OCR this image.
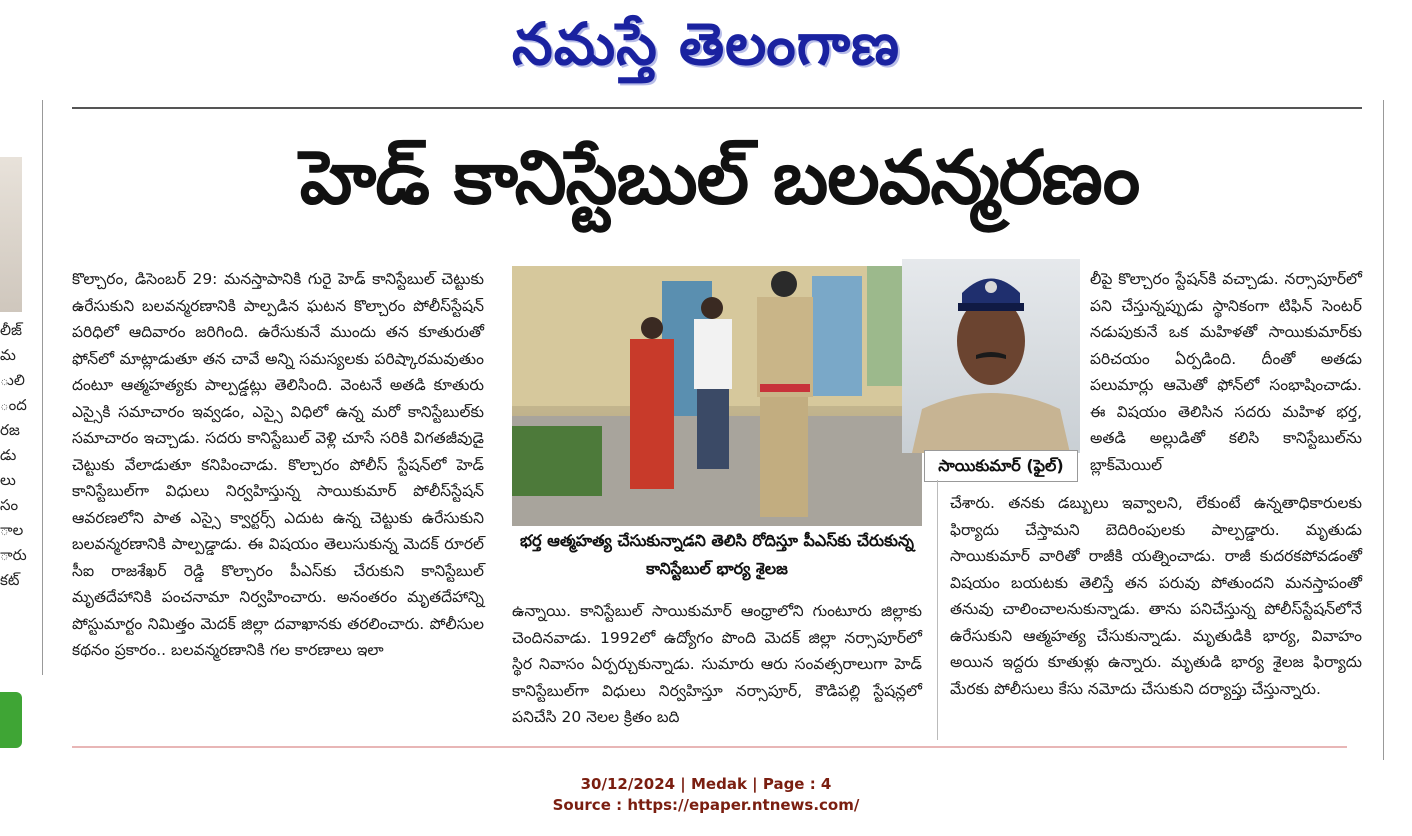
నమస్తే తెలంగాణ
లీజ్
మ
ులి
ంద
రజ
డు
లు
సం
ాల
ారు
కట్
హెడ్ కానిస్టేబుల్ బలవన్మరణం

కొల్చారం, డిసెంబర్ 29: మనస్తాపానికి గురై హెడ్ కానిస్టేబుల్ చెట్టుకు ఉరేసుకుని బలవన్మరణానికి పాల్పడిన ఘటన కొల్చారం పోలీస్‌స్టేషన్ పరిధిలో ఆదివారం జరిగింది. ఉరేసుకునే ముందు తన కూతురుతో ఫోన్‌లో మాట్లాడుతూ తన చావే అన్ని సమస్యలకు పరిష్కారమవుతుం దంటూ ఆత్మహత్యకు పాల్పడ్డట్లు తెలిసింది. వెంటనే అతడి కూతురు ఎస్సైకి సమాచారం ఇవ్వడం, ఎస్సై విధిలో ఉన్న మరో కానిస్టేబుల్‌కు సమాచారం ఇచ్చాడు. సదరు కానిస్టేబుల్ వెళ్లి చూసే సరికి విగతజీవుడై చెట్టుకు వేలాడుతూ కనిపించాడు. కొల్చారం పోలీస్ స్టేషన్‌లో హెడ్ కానిస్టేబుల్‌గా విధులు నిర్వహిస్తున్న సాయికుమార్ పోలీస్‌స్టేషన్ ఆవరణలోని పాత ఎస్సై క్వార్టర్స్ ఎదుట ఉన్న చెట్టుకు ఉరేసుకుని బలవన్మరణానికి పాల్పడ్డాడు. ఈ విషయం తెలుసుకున్న మెదక్ రూరల్ సీఐ రాజశేఖర్ రెడ్డి కొల్చారం పీఎస్‌కు చేరుకుని కానిస్టేబుల్ మృతదేహానికి పంచనామా నిర్వహించారు. అనంతరం మృతదేహాన్ని పోస్టుమార్టం నిమిత్తం మెదక్ జిల్లా దవాఖానకు తరలించారు. పోలీసుల కథనం ప్రకారం.. బలవన్మరణానికి గల కారణాలు ఇలా

భర్త ఆత్మహత్య చేసుకున్నాడని తెలిసి రోదిస్తూ పీఎస్‌కు చేరుకున్న కానిస్టేబుల్ భార్య శైలజ
సాయికుమార్ (ఫైల్)

ఉన్నాయి. కానిస్టేబుల్ సాయికుమార్ ఆంధ్రాలోని గుంటూరు జిల్లాకు చెందినవాడు. 1992లో ఉద్యోగం పొంది మెదక్ జిల్లా నర్సాపూర్‌లో స్థిర నివాసం ఏర్పర్చుకున్నాడు. సుమారు ఆరు సంవత్సరాలుగా హెడ్ కానిస్టేబుల్‌గా విధులు నిర్వహిస్తూ నర్సాపూర్, కౌడిపల్లి స్టేషన్లలో పనిచేసి 20 నెలల క్రితం బది

లీపై కొల్చారం స్టేషన్‌కి వచ్చాడు. నర్సాపూర్‌లో పని చేస్తున్నప్పుడు స్థానికంగా టిఫిన్ సెంటర్ నడుపుకునే ఒక మహిళతో సాయికుమార్‌కు పరిచయం ఏర్పడింది. దీంతో అతడు పలుమార్లు ఆమెతో ఫోన్‌లో సంభాషించాడు. ఈ విషయం తెలిసిన సదరు మహిళ భర్త, అతడి అల్లుడితో కలిసి కానిస్టేబుల్‌ను బ్లాక్‌మెయిల్

చేశారు. తనకు డబ్బులు ఇవ్వాలని, లేకుంటే ఉన్నతాధికారులకు ఫిర్యాదు చేస్తామని బెదిరింపులకు పాల్పడ్డారు. మృతుడు సాయికుమార్ వారితో రాజీకి యత్నించాడు. రాజీ కుదరకపోవడంతో విషయం బయటకు తెలిస్తే తన పరువు పోతుందని మనస్తాపంతో తనువు చాలించాలనుకున్నాడు. తాను పనిచేస్తున్న పోలీస్‌స్టేషన్‌లోనే ఉరేసుకుని ఆత్మహత్య చేసుకున్నాడు. మృతుడికి భార్య, వివాహం అయిన ఇద్దరు కూతుళ్లు ఉన్నారు. మృతుడి భార్య శైలజ ఫిర్యాదు మేరకు పోలీసులు కేసు నమోదు చేసుకుని దర్యాప్తు చేస్తున్నారు.

30/12/2024 | Medak | Page : 4
Source : https://epaper.ntnews.com/
